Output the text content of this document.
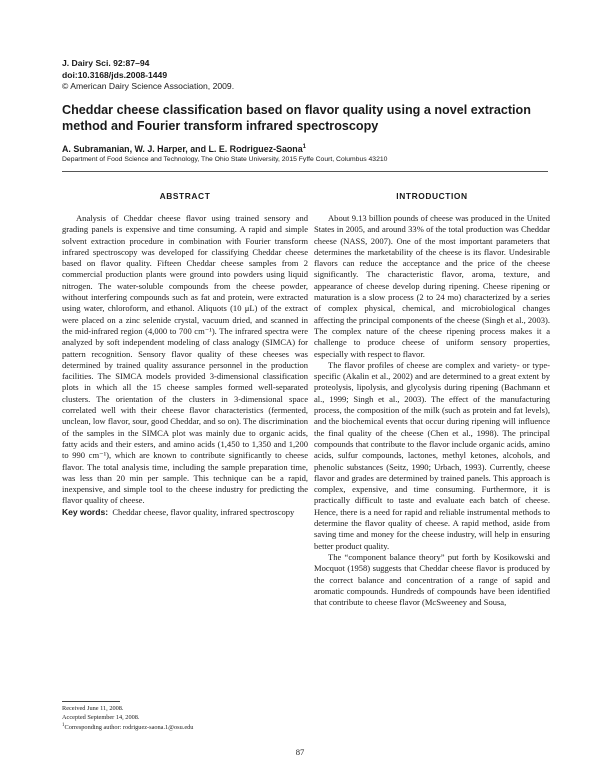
J. Dairy Sci. 92:87–94
doi:10.3168/jds.2008-1449
© American Dairy Science Association, 2009.
Cheddar cheese classification based on flavor quality using a novel extraction method and Fourier transform infrared spectroscopy
A. Subramanian, W. J. Harper, and L. E. Rodriguez-Saona$^1$
Department of Food Science and Technology, The Ohio State University, 2015 Fyffe Court, Columbus 43210
ABSTRACT

Analysis of Cheddar cheese flavor using trained sensory and grading panels is expensive and time consuming. A rapid and simple solvent extraction procedure in combination with Fourier transform infrared spectroscopy was developed for classifying Cheddar cheese based on flavor quality. Fifteen Cheddar cheese samples from 2 commercial production plants were ground into powders using liquid nitrogen. The water-soluble compounds from the cheese powder, without interfering compounds such as fat and protein, were extracted using water, chloroform, and ethanol. Aliquots (10 μL) of the extract were placed on a zinc selenide crystal, vacuum dried, and scanned in the mid-infrared region (4,000 to 700 cm⁻¹). The infrared spectra were analyzed by soft independent modeling of class analogy (SIMCA) for pattern recognition. Sensory flavor quality of these cheeses was determined by trained quality assurance personnel in the production facilities. The SIMCA models provided 3-dimensional classification plots in which all the 15 cheese samples formed well-separated clusters. The orientation of the clusters in 3-dimensional space correlated well with their cheese flavor characteristics (fermented, unclean, low flavor, sour, good Cheddar, and so on). The discrimination of the samples in the SIMCA plot was mainly due to organic acids, fatty acids and their esters, and amino acids (1,450 to 1,350 and 1,200 to 990 cm⁻¹), which are known to contribute significantly to cheese flavor. The total analysis time, including the sample preparation time, was less than 20 min per sample. This technique can be a rapid, inexpensive, and simple tool to the cheese industry for predicting the flavor quality of cheese.

Key words: Cheddar cheese, flavor quality, infrared spectroscopy

INTRODUCTION

About 9.13 billion pounds of cheese was produced in the United States in 2005, and around 33% of the total production was Cheddar cheese (NASS, 2007). One of the most important parameters that determines the marketability of the cheese is its flavor. Undesirable flavors can reduce the acceptance and the price of the cheese significantly. The characteristic flavor, aroma, texture, and appearance of cheese develop during ripening. Cheese ripening or maturation is a slow process (2 to 24 mo) characterized by a series of complex physical, chemical, and microbiological changes affecting the principal components of the cheese (Singh et al., 2003). The complex nature of the cheese ripening process makes it a challenge to produce cheese of uniform sensory properties, especially with respect to flavor.

The flavor profiles of cheese are complex and variety- or type-specific (Akalin et al., 2002) and are determined to a great extent by proteolysis, lipolysis, and glycolysis during ripening (Bachmann et al., 1999; Singh et al., 2003). The effect of the manufacturing process, the composition of the milk (such as protein and fat levels), and the biochemical events that occur during ripening will influence the final quality of the cheese (Chen et al., 1998). The principal compounds that contribute to the flavor include organic acids, amino acids, sulfur compounds, lactones, methyl ketones, alcohols, and phenolic substances (Seitz, 1990; Urbach, 1993). Currently, cheese flavor and grades are determined by trained panels. This approach is complex, expensive, and time consuming. Furthermore, it is practically difficult to taste and evaluate each batch of cheese. Hence, there is a need for rapid and reliable instrumental methods to determine the flavor quality of cheese. A rapid method, aside from saving time and money for the cheese industry, will help in ensuring better product quality.

The “component balance theory” put forth by Kosikowski and Mocquot (1958) suggests that Cheddar cheese flavor is produced by the correct balance and concentration of a range of sapid and aromatic compounds. Hundreds of compounds have been identified that contribute to cheese flavor (McSweeney and Sousa,

Received June 11, 2008.
Accepted September 14, 2008.
$^1$Corresponding author: rodriguez-saona.1@osu.edu
87
